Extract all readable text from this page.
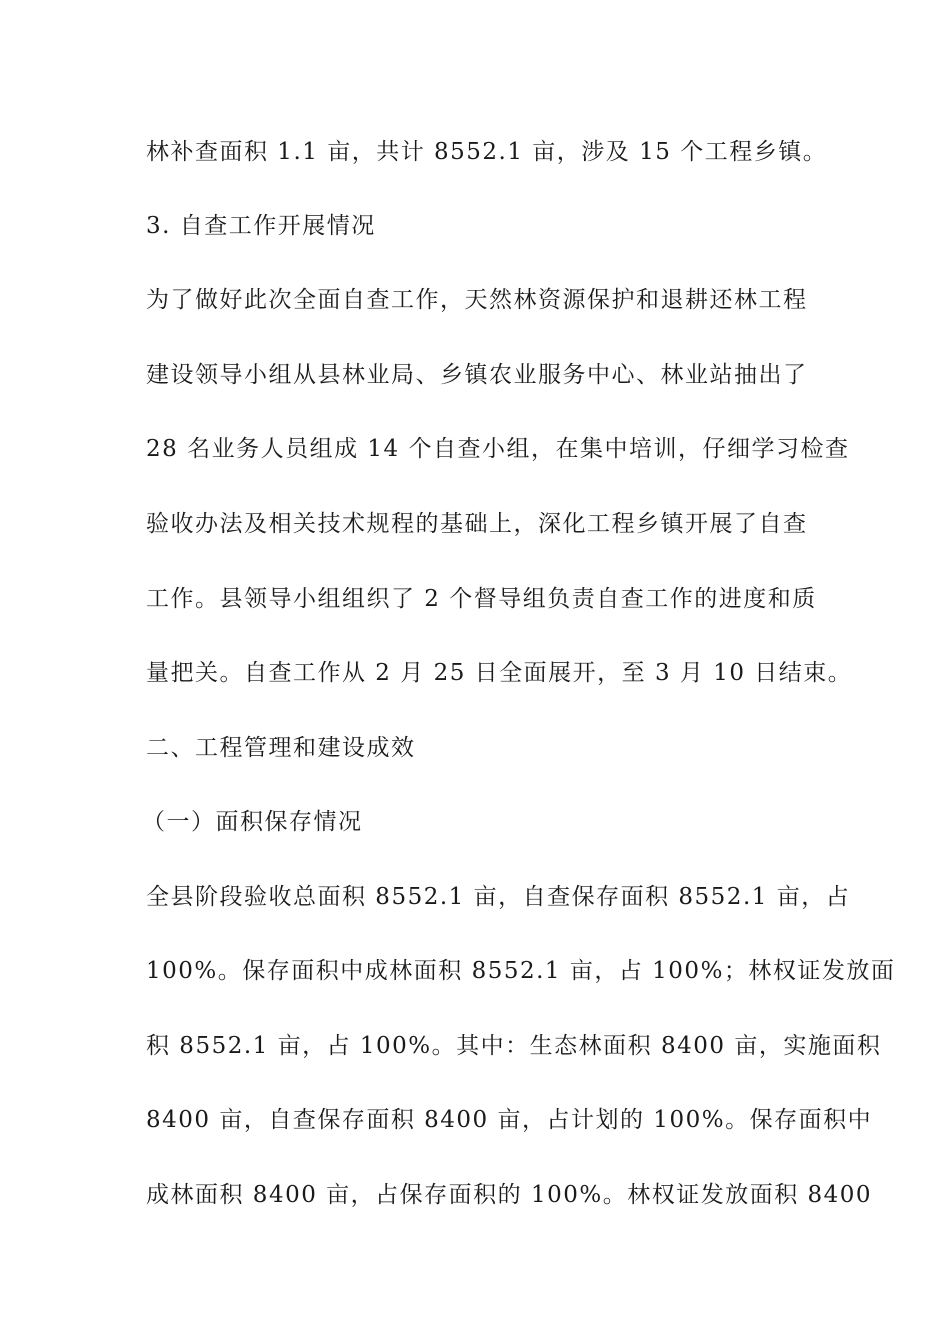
林补查面积 1.1 亩，共计 8552.1 亩，涉及 15 个工程乡镇。
3. 自查工作开展情况
为了做好此次全面自查工作，天然林资源保护和退耕还林工程
建设领导小组从县林业局、乡镇农业服务中心、林业站抽出了
28 名业务人员组成 14 个自查小组，在集中培训，仔细学习检查
验收办法及相关技术规程的基础上，深化工程乡镇开展了自查
工作。县领导小组组织了 2 个督导组负责自查工作的进度和质
量把关。自查工作从 2 月 25 日全面展开，至 3 月 10 日结束。
二、工程管理和建设成效
（一）面积保存情况
全县阶段验收总面积 8552.1 亩，自查保存面积 8552.1 亩，占
100%。保存面积中成林面积 8552.1 亩，占 100%；林权证发放面
积 8552.1 亩，占 100%。其中：生态林面积 8400 亩，实施面积
8400 亩，自查保存面积 8400 亩，占计划的 100%。保存面积中
成林面积 8400 亩，占保存面积的 100%。林权证发放面积 8400
